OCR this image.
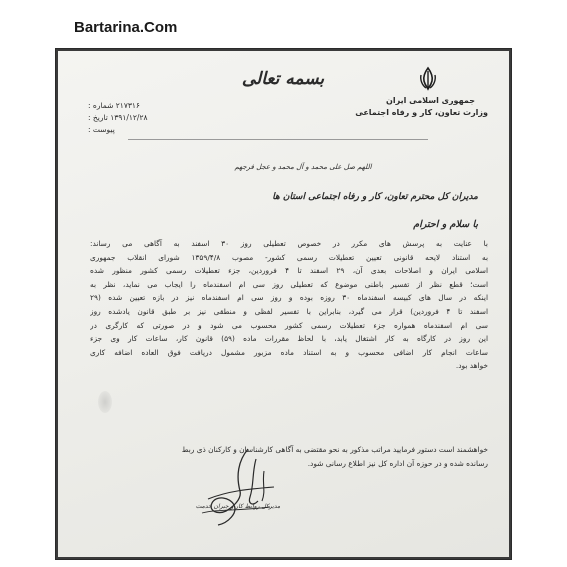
Bartarina.Com
بسمه تعالی
جمهوری اسلامی ایران
وزارت تعاون، کار و رفاه اجتماعی
شماره : ۲۱۷۳۱۶
تاریخ : ۱۳۹۱/۱۲/۲۸
پیوست :
اللهم صل علی محمد و آل محمد و عجل فرجهم
مدیران کل محترم تعاون، کار و رفاه اجتماعی استان ها
با سلام و احترام
با عنایت به پرسش های مکرر در خصوص تعطیلی روز ۳۰ اسفند به آگاهی می رساند:
به استناد لایحه قانونی تعیین تعطیلات رسمی کشور- مصوب ۱۳۵۹/۴/۸ شورای انقلاب جمهوری
اسلامی ایران و اصلاحات بعدی آن، ۲۹ اسفند تا ۴ فروردین، جزء تعطیلات رسمی کشور منظور شده
است؛ قطع نظر از تفسیر باطنی موضوع که تعطیلی روز سی ام اسفندماه را ایجاب می نماید، نظر به
اینکه در سال های کبیسه اسفندماه ۳۰ روزه بوده و روز سی ام اسفندماه نیز در بازه تعیین شده (۲۹
اسفند تا ۴ فروردین) قرار می گیرد، بنابراین با تفسیر لفظی و منطقی نیز بر طبق قانون یادشده روز
سی ام اسفندماه همواره جزء تعطیلات رسمی کشور محسوب می شود و در صورتی که کارگری در
این روز در کارگاه به کار اشتغال یابد، با لحاظ مقررات ماده (۵۹) قانون کار، ساعات کار وی جزء
ساعات انجام کار اضافی محسوب و به استناد ماده مزبور مشمول دریافت فوق العاده اضافه کاری
خواهد بود.
خواهشمند است دستور فرمایید مراتب مذکور به نحو مقتضی به آگاهی کارشناسان و کارکنان ذی ربط
رسانده شده و در حوزه آن اداره کل نیز اطلاع رسانی شود.
مدیرکل روابط کار و جبران خدمت
